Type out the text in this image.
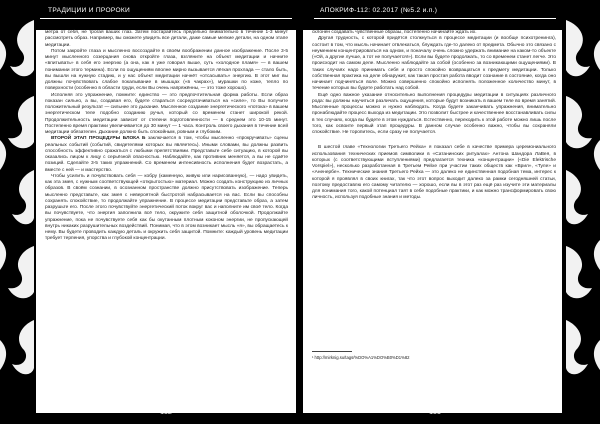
ТРАДИЦИИ И ПРОРОКИ

метра от себя, не трогая ваших глаз. Затем постарайтесь предельно внимательно в течение 1-3 минут рассмотреть образ. Например, вы сможете увидеть все детали, даже самые мелкие детали, на одном этапе медитации.

Потом закройте глаза и мысленно воссоздайте в своём воображении данное изображение. После 3-5 минут мысленного созерцания снова откройте глаза, взгляните на объект медитации и начните «впитывать» в себя его энергию (а она, как я уже говорил выше, суть «холодное пламя» — в вашем понимании этого термина). Если по ощущениям вполне мирно вызывается лёгкая прохлада — стало быть, вы вышли на нужную стадию, и у нас объект медитации начнёт «отсасывать» энергию. В этот миг вы должны почувствовать слабое покалывание в мышцах («в чакрах»), мурашки по коже, тепло по поверхности (особенно в области груди, если Вы очень напряжённы, — это тоже хорошо).

Исполняя это упражнение, помните: единство — это предпочтительная форма работы. Если образ показан сильно, а вы, создавая его, будете стараться сосредотачиваться на «силе», то Вы получите положительный результат — сильнее это дыхание. Мысленное создание энергетического «потока» в вашем энергетическом теле подобно созданию ручья, который со временем станет широкой рекой. Продолжительность медитации зависит от степени подготовленности — в среднем это 10-15 минут. Постепенно время практики увеличивается до 30 минут — 1 часа. Контроль своего дыхания в течение всей медитации обязателен. Дыхание должно быть спокойным, ровным и глубоким.

ВТОРОЙ ЭТАП ПРОЦЕДУРЫ БЛОКА Б заключается в том, чтобы мысленно «прокручивать» сцены реальных событий (событий, свидетелями которых вы являетесь). Иными словами, вы должны развить способность эффективно сражаться с любыми препятствиями. Представьте себе ситуацию, в которой вы оказались лицом к лицу с серьёзной опасностью. Наблюдайте, как противник меняется, а вы не сдаёте позиций. Сделайте 3-5 таких упражнений. Со временем интенсивность исполнения будет возрастать, а вместе с ней — и мастерство.

Чтобы усилить и почувствовать себя — кобру (каменную, живую или нарисованную), — надо увидеть, как эта змея, с нужным соответствующей «открытостью» материал. Можно создать конструкцию из личных образов. В своём сознании, в осознанном пространстве должно присутствовать изображение. Теперь мысленно представьте, как змея с невероятной быстротой набрасывается на вас. Если вы способны сохранять спокойствие, то продолжайте упражнение. В процессе медитации представьте образ, а затем разрушьте его. После этого почувствуйте энергетический поток вокруг вас и наполните им своё тело. Когда вы почувствуете, что энергия заполнила всё тело, окружите себя защитной оболочкой. Продолжайте упражнение, пока не почувствуете себя как бы окутанным плотным коконом энергии, не пропускающей внутрь никаких разрушительных воздействий. Понимая, что в этом возникает мысль «я», вы обращаетесь к нему. Вы будете проводить каждую деталь и окружить себя защитой. Помните: каждый уровень медитации требует терпения, упорства и глубокой концентрации.

132
АПОКРИФ-112: 02.2017 (№5.2 и.п.)

склонен создавать чувственные образы, постепенно начинайте ждать их.

Другая трудность, с которой придётся столкнуться в процессе медитации (и вообще психотренинга), состоит в том, что мысль начинает отвлекаться, блуждать где-то далеко от предмета. Обычно это связано с неумением концентрироваться на одном, и поначалу очень сложно удержать внимание на каком-то объекте («Ой, а другие лучше, а тот не получается!»). Если вы будете продолжать, то со временем станет легче. Это происходит на самом деле. Мысленно наблюдайте за собой (особенно за возникающими ощущениями). В таких случаях надо принимать себя и просто спокойно возвращаться к предмету медитации. Только собственная практика на деле обнаружит, как такая простая работа вводит сознание в состояние, когда оно начинает подчиняться воле. Можно совершенно спокойно исполнять положенное количество минут, в течение которых вы будете работать над собой.

Ещё одно важное указание относительно выполнения процедуры медитации в ситуациях различного рода: вы должны научиться различать ощущения, которые будут возникать в вашем теле во время занятий. Мысленные процессы можно и нужно наблюдать. Когда будете заканчивать упражнения, внимательно пронаблюдайте процесс выхода из медитации. Это позволит быстрее и качественнее восстанавливать силы в тех случаях, когда вы будете в этом нуждаться. Естественно, переходить к этой работе можно лишь после того, как освоите первый этап процедуры. В данном случае особенно важно, чтобы вы сохраняли спокойствие. Не торопитесь, если сразу не получается.

В шестой главе «Технологии Третьего Рейха» я показал себе в качестве примера церемониального использования технических приемов символики в «Сатанинских ритуалах» Антона Шандора ЛаВея, в которых (с соответствующими вступлениями) предлагается техника «концентрации» («Die Elektrische Vorspiel»), несколько разработанная в Третьем Рейхе при участии таких обществ как «Врил», «Туле» и «Аненербе». Технические знания Третьего Рейха — это далеко не единственная подобная тема, интерес к которой я проявлял в своих книгах, так что этот вопрос выходит далеко за рамки сегодняшней статьи, поэтому предоставлю его самому читателю — хорошо, если вы в этот раз ещё раз изучите эти материалы для понимания того, какой потенциал таят в себе подобные практики, и как можно трансформировать свою личность, используя подобные знания и методы.

¹ http://mirknig.su/tags/%DO%A1%DO%B0%D1%82
133
